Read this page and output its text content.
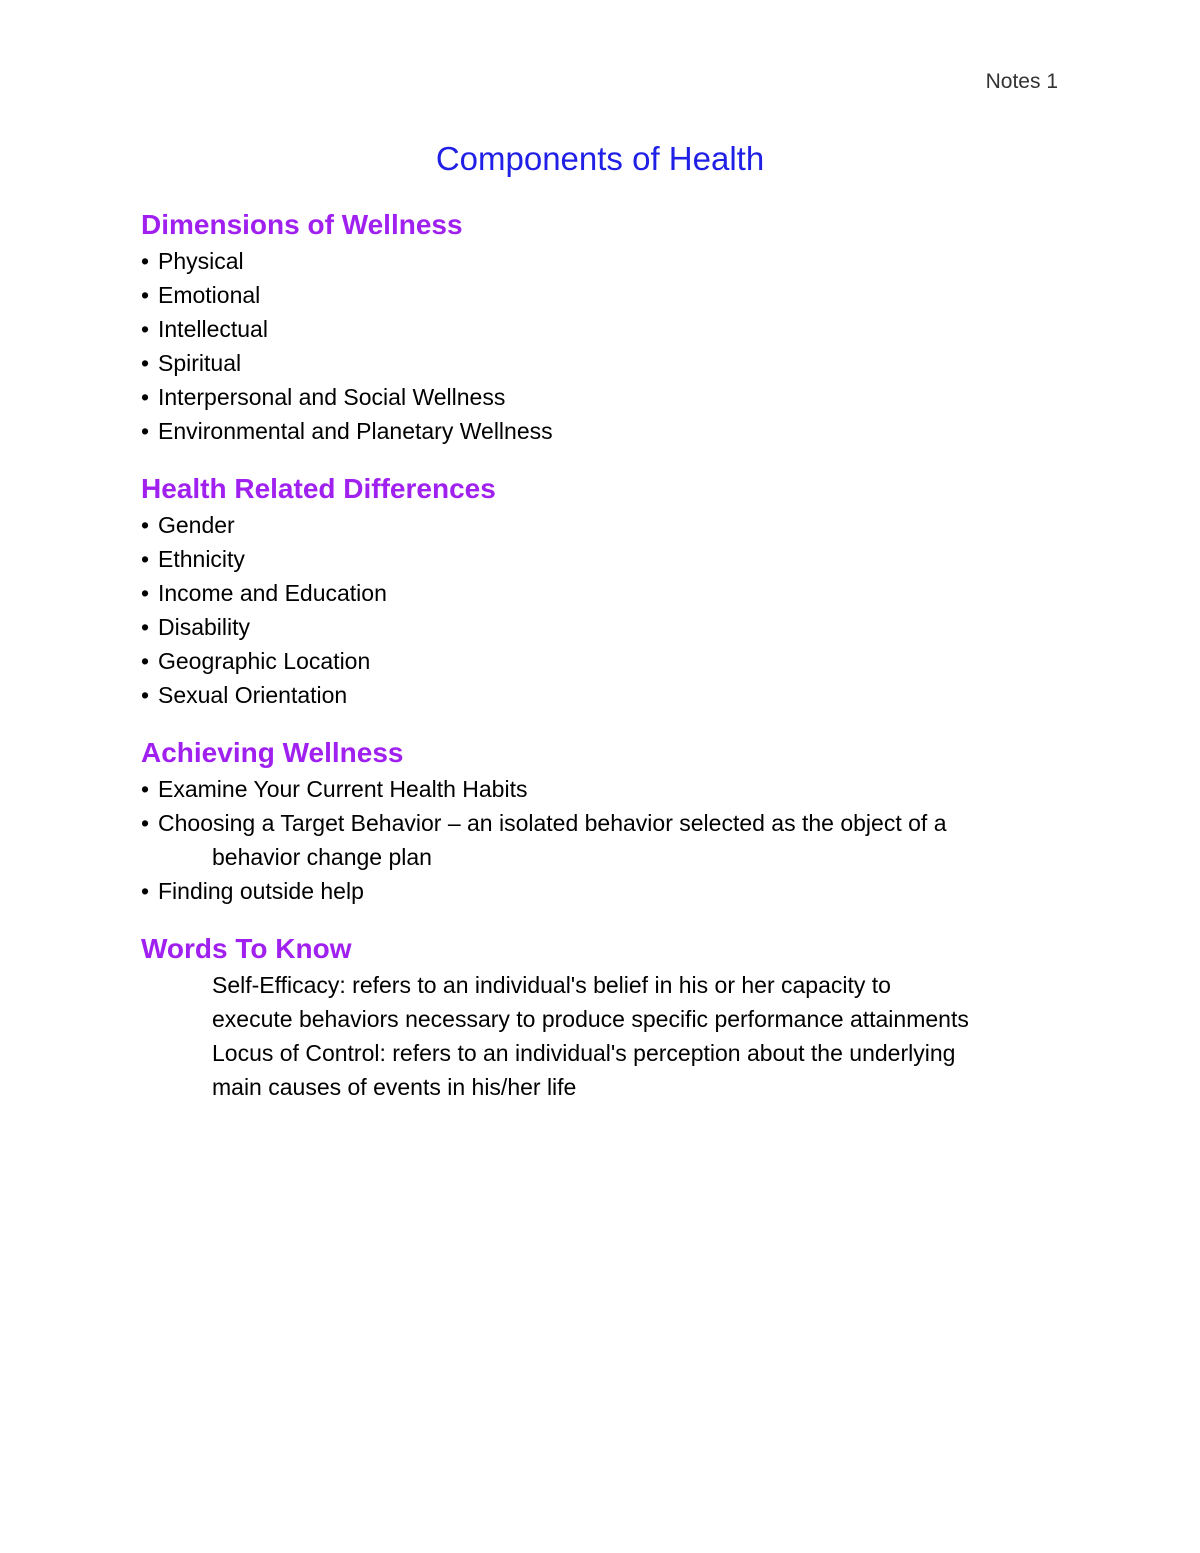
Notes 1
Components of Health
Dimensions of Wellness
• Physical
• Emotional
• Intellectual
• Spiritual
• Interpersonal and Social Wellness
• Environmental and Planetary Wellness
Health Related Differences
• Gender
• Ethnicity
• Income and Education
• Disability
• Geographic Location
• Sexual Orientation
Achieving Wellness
• Examine Your Current Health Habits
• Choosing a Target Behavior – an isolated behavior selected as the object of a
behavior change plan
• Finding outside help
Words To Know

Self-Efficacy: refers to an individual's belief in his or her capacity to

execute behaviors necessary to produce specific performance attainments

Locus of Control: refers to an individual's perception about the underlying

main causes of events in his/her life
